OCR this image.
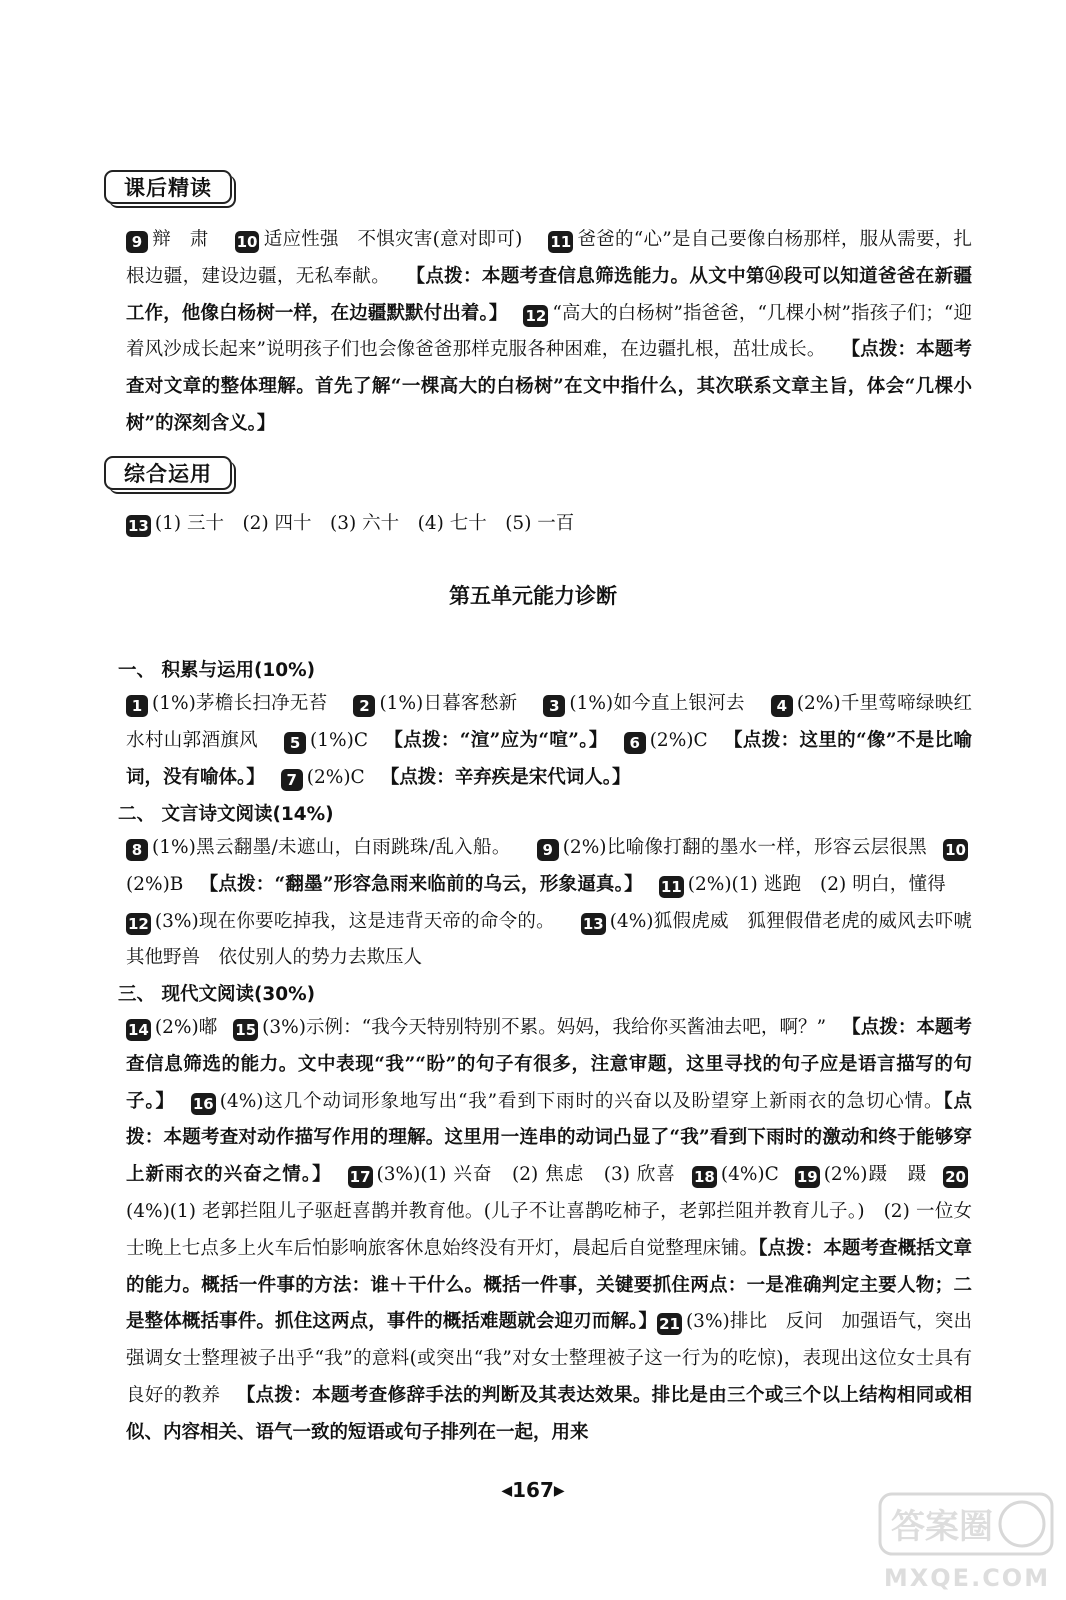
课后精读
9 辩　肃 10 适应性强　不惧灾害(意对即可) 11 爸爸的“心”是自己要像白杨那样，服从需要，扎根边疆，建设边疆，无私奉献。 【点拨：本题考查信息筛选能力。从文中第⑭段可以知道爸爸在新疆工作，他像白杨树一样，在边疆默默付出着。】 12 “高大的白杨树”指爸爸，“几棵小树”指孩子们；“迎着风沙成长起来”说明孩子们也会像爸爸那样克服各种困难，在边疆扎根，茁壮成长。 【点拨：本题考查对文章的整体理解。首先了解“一棵高大的白杨树”在文中指什么，其次联系文章主旨，体会“几棵小树”的深刻含义。】
综合运用
13 (1) 三十　(2) 四十　(3) 六十　(4) 七十　(5) 一百
第五单元能力诊断
一、 积累与运用(10%)
1 (1%)茅檐长扫净无苔 2 (1%)日暮客愁新 3 (1%)如今直上银河去 4 (2%)千里莺啼绿映红　水村山郭酒旗风 5 (1%)C 【点拨：“渲”应为“喧”。】 6 (2%)C 【点拨：这里的“像”不是比喻词，没有喻体。】 7 (2%)C 【点拨：辛弃疾是宋代词人。】
二、 文言诗文阅读(14%)
8 (1%)黑云翻墨/未遮山，白雨跳珠/乱入船。 9 (2%)比喻像打翻的墨水一样，形容云层很黑 10(2%)B 【点拨：“翻墨”形容急雨来临前的乌云，形象逼真。】 11 (2%)(1) 逃跑　(2) 明白，懂得12 (3%)现在你要吃掉我，这是违背天帝的命令的。 13 (4%)狐假虎威　狐狸假借老虎的威风去吓唬其他野兽　依仗别人的势力去欺压人
三、 现代文阅读(30%)
14 (2%)嘟 15 (3%)示例：“我今天特别特别不累。妈妈，我给你买酱油去吧，啊？” 【点拨：本题考查信息筛选的能力。文中表现“我”“盼”的句子有很多，注意审题，这里寻找的句子应是语言描写的句子。】 16 (4%)这几个动词形象地写出“我”看到下雨时的兴奋以及盼望穿上新雨衣的急切心情。【点拨：本题考查对动作描写作用的理解。这里用一连串的动词凸显了“我”看到下雨时的激动和终于能够穿上新雨衣的兴奋之情。】 17 (3%)(1) 兴奋　(2) 焦虑　(3) 欣喜 18 (4%)C 19 (2%)蹑　蹑 20(4%)(1) 老郭拦阻儿子驱赶喜鹊并教育他。(儿子不让喜鹊吃柿子，老郭拦阻并教育儿子。)　(2) 一位女士晚上七点多上火车后怕影响旅客休息始终没有开灯，晨起后自觉整理床铺。【点拨：本题考查概括文章的能力。概括一件事的方法：谁＋干什么。概括一件事，关键要抓住两点：一是准确判定主要人物；二是整体概括事件。抓住这两点，事件的概括难题就会迎刃而解。】 21 (3%)排比　反问　加强语气，突出强调女士整理被子出乎“我”的意料(或突出“我”对女士整理被子这一行为的吃惊)，表现出这位女士具有良好的教养 【点拨：本题考查修辞手法的判断及其表达效果。排比是由三个或三个以上结构相同或相似、内容相关、语气一致的短语或句子排列在一起，用来
◀167▶
答案圈
MXQE.COM
